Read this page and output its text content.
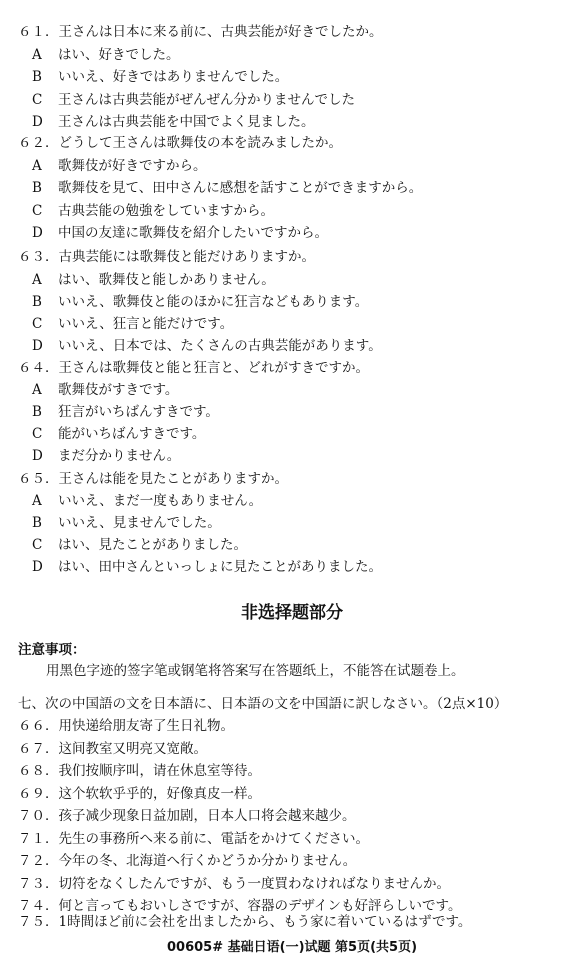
６１．王さんは日本に来る前に、古典芸能が好きでしたか。
A はい、好きでした。
B いいえ、好きではありませんでした。
C 王さんは古典芸能がぜんぜん分かりませんでした
D 王さんは古典芸能を中国でよく見ました。
６２．どうして王さんは歌舞伎の本を読みましたか。
A 歌舞伎が好きですから。
B 歌舞伎を見て、田中さんに感想を話すことができますから。
C 古典芸能の勉強をしていますから。
D 中国の友達に歌舞伎を紹介したいですから。
６３．古典芸能には歌舞伎と能だけありますか。
A はい、歌舞伎と能しかありません。
B いいえ、歌舞伎と能のほかに狂言などもあります。
C いいえ、狂言と能だけです。
D いいえ、日本では、たくさんの古典芸能があります。
６４．王さんは歌舞伎と能と狂言と、どれがすきですか。
A 歌舞伎がすきです。
B 狂言がいちばんすきです。
C 能がいちばんすきです。
D まだ分かりません。
６５．王さんは能を見たことがありますか。
A いいえ、まだ一度もありません。
B いいえ、見ませんでした。
C はい、見たことがありました。
D はい、田中さんといっしょに見たことがありました。
非选择题部分
注意事项：
用黑色字迹的签字笔或钢笔将答案写在答题纸上，不能答在试题卷上。
七、次の中国語の文を日本語に、日本語の文を中国語に訳しなさい。（2点×10）
６６．用快递给朋友寄了生日礼物。
６７．这间教室又明亮又宽敞。
６８．我们按顺序叫，请在休息室等待。
６９．这个软软乎乎的，好像真皮一样。
７０．孩子减少现象日益加剧，日本人口将会越来越少。
７１．先生の事務所へ来る前に、電話をかけてください。
７２．今年の冬、北海道へ行くかどうか分かりません。
７３．切符をなくしたんですが、もう一度買わなければなりませんか。
７４．何と言ってもおいしさですが、容器のデザインも好評らしいです。
７５．1時間ほど前に会社を出ましたから、もう家に着いているはずです。
00605# 基础日语(一)试题 第5页(共5页)
